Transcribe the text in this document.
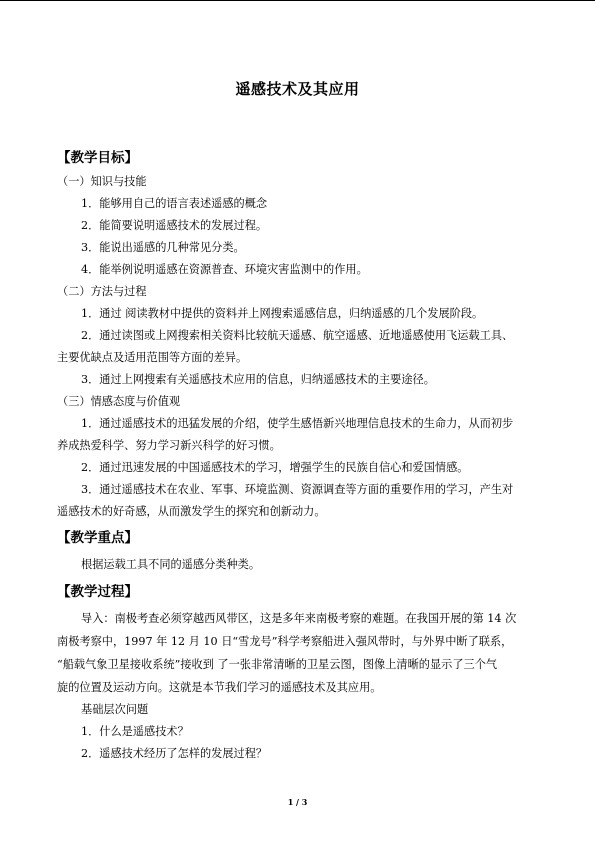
遥感技术及其应用
【教学目标】
（一）知识与技能
1．能够用自己的语言表述遥感的概念
2．能简要说明遥感技术的发展过程。
3．能说出遥感的几种常见分类。
4．能举例说明遥感在资源普查、环境灾害监测中的作用。
（二）方法与过程
1．通过 阅读教材中提供的资料并上网搜索遥感信息，归纳遥感的几个发展阶段。
2．通过读图或上网搜索相关资料比较航天遥感、航空遥感、近地遥感使用飞运载工具、
主要优缺点及适用范围等方面的差异。
3．通过上网搜索有关遥感技术应用的信息，归纳遥感技术的主要途径。
（三）情感态度与价值观
1．通过遥感技术的迅猛发展的介绍，使学生感悟新兴地理信息技术的生命力，从而初步
养成热爱科学、努力学习新兴科学的好习惯。
2．通过迅速发展的中国遥感技术的学习，增强学生的民族自信心和爱国情感。
3．通过遥感技术在农业、军事、环境监测、资源调查等方面的重要作用的学习，产生对
遥感技术的好奇感，从而激发学生的探究和创新动力。
【教学重点】
根据运载工具不同的遥感分类种类。
【教学过程】
导入：南极考查必须穿越西风带区，这是多年来南极考察的难题。在我国开展的第 14 次
南极考察中，1997 年 12 月 10 日“雪龙号”科学考察船进入强风带时，与外界中断了联系，
“船载气象卫星接收系统”接收到 了一张非常清晰的卫星云图，图像上清晰的显示了三个气
旋的位置及运动方向。这就是本节我们学习的遥感技术及其应用。
基础层次问题
1．什么是遥感技术？
2．遥感技术经历了怎样的发展过程？
1 / 3
